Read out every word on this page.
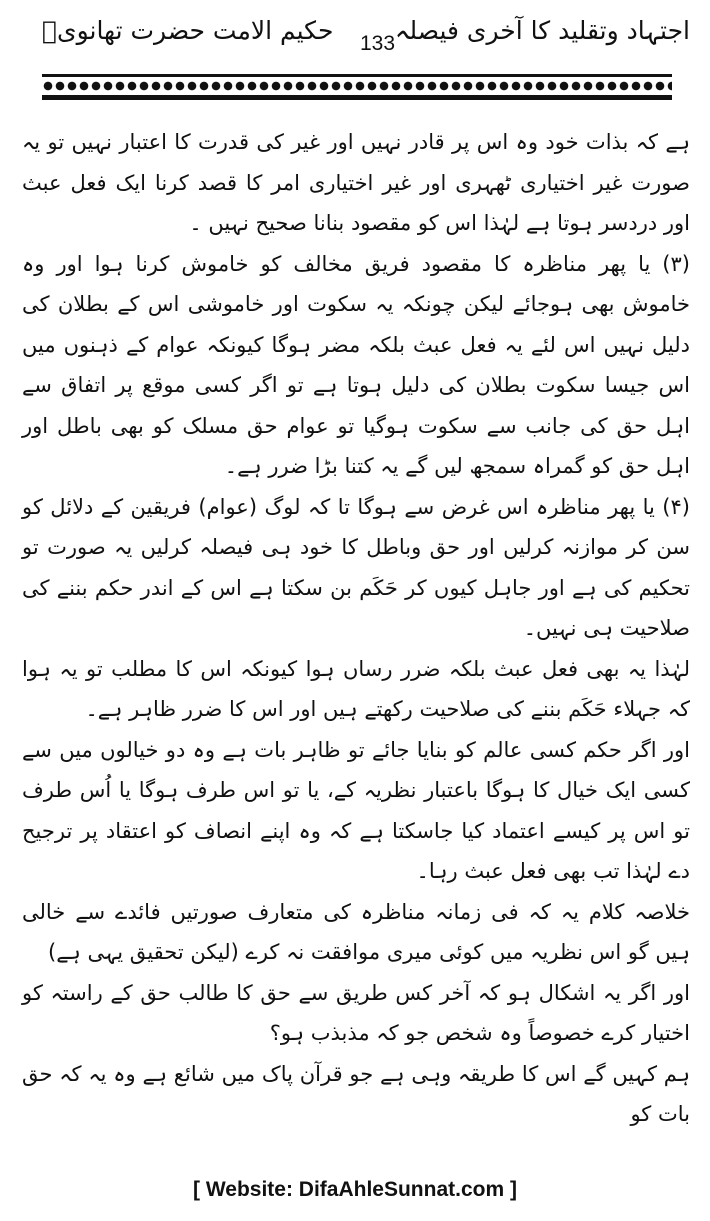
اجتہاد وتقلید کا آخری فیصلہ
133
حکیم الامت حضرت تھانویؒ

ہے کہ بذات خود وہ اس پر قادر نہیں اور غیر کی قدرت کا اعتبار نہیں تو یہ صورت غیر اختیاری ٹھہری اور غیر اختیاری امر کا قصد کرنا ایک فعل عبث اور دردسر ہوتا ہے لہٰذا اس کو مقصود بنانا صحیح نہیں ۔

(۳) یا پھر مناظرہ کا مقصود فریق مخالف کو خاموش کرنا ہوا اور وہ خاموش بھی ہوجائے لیکن چونکہ یہ سکوت اور خاموشی اس کے بطلان کی دلیل نہیں اس لئے یہ فعل عبث بلکہ مضر ہوگا کیونکہ عوام کے ذہنوں میں اس جیسا سکوت بطلان کی دلیل ہوتا ہے تو اگر کسی موقع پر اتفاق سے اہل حق کی جانب سے سکوت ہوگیا تو عوام حق مسلک کو بھی باطل اور اہل حق کو گمراہ سمجھ لیں گے یہ کتنا بڑا ضرر ہے۔

(۴) یا پھر مناظرہ اس غرض سے ہوگا تا کہ لوگ (عوام) فریقین کے دلائل کو سن کر موازنہ کرلیں اور حق وباطل کا خود ہی فیصلہ کرلیں یہ صورت تو تحکیم کی ہے اور جاہل کیوں کر حَکَم بن سکتا ہے اس کے اندر حکم بننے کی صلاحیت ہی نہیں۔

لہٰذا یہ بھی فعل عبث بلکہ ضرر رساں ہوا کیونکہ اس کا مطلب تو یہ ہوا کہ جہلاء حَکَم بننے کی صلاحیت رکھتے ہیں اور اس کا ضرر ظاہر ہے۔

اور اگر حکم کسی عالم کو بنایا جائے تو ظاہر بات ہے وہ دو خیالوں میں سے کسی ایک خیال کا ہوگا باعتبار نظریہ کے، یا تو اس طرف ہوگا یا اُس طرف تو اس پر کیسے اعتماد کیا جاسکتا ہے کہ وہ اپنے انصاف کو اعتقاد پر ترجیح دے لہٰذا تب بھی فعل عبث رہا۔

خلاصہ کلام یہ کہ فی زمانہ مناظرہ کی متعارف صورتیں فائدے سے خالی ہیں گو اس نظریہ میں کوئی میری موافقت نہ کرے (لیکن تحقیق یہی ہے)

اور اگر یہ اشکال ہو کہ آخر کس طریق سے حق کا طالب حق کے راستہ کو اختیار کرے خصوصاً وہ شخص جو کہ مذبذب ہو؟

ہم کہیں گے اس کا طریقہ وہی ہے جو قرآن پاک میں شائع ہے وہ یہ کہ حق بات کو

[ Website: DifaAhleSunnat.com ]
